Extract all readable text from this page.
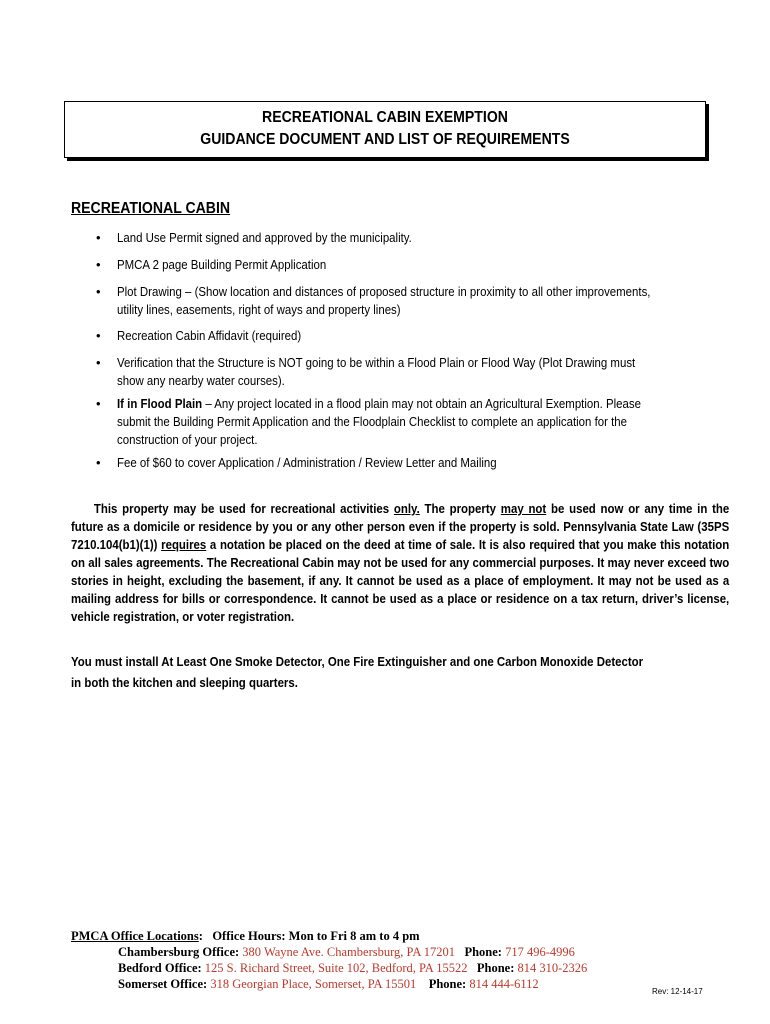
RECREATIONAL CABIN EXEMPTION
GUIDANCE DOCUMENT AND LIST OF REQUIREMENTS
RECREATIONAL CABIN
•	Land Use Permit signed and approved by the municipality.
•	PMCA 2 page Building Permit Application
•	Plot Drawing – (Show location and distances of proposed structure in proximity to all other improvements,
utility lines, easements, right of ways and property lines)
•	Recreation Cabin Affidavit (required)
•	Verification that the Structure is NOT going to be within a Flood Plain or Flood Way (Plot Drawing must
show any nearby water courses).
•	If in Flood Plain – Any project located in a flood plain may not obtain an Agricultural Exemption. Please
submit the Building Permit Application and the Floodplain Checklist to complete an application for the
construction of your project.
•	Fee of $60 to cover Application / Administration / Review Letter and Mailing
This property may be used for recreational activities only. The property may not be used now or any time in the future as a domicile or residence by you or any other person even if the property is sold. Pennsylvania State Law (35PS 7210.104(b1)(1)) requires a notation be placed on the deed at time of sale. It is also required that you make this notation on all sales agreements. The Recreational Cabin may not be used for any commercial purposes. It may never exceed two stories in height, excluding the basement, if any. It cannot be used as a place of employment. It may not be used as a mailing address for bills or correspondence. It cannot be used as a place or residence on a tax return, driver’s license, vehicle registration, or voter registration.
You must install At Least One Smoke Detector, One Fire Extinguisher and one Carbon Monoxide Detector
in both the kitchen and sleeping quarters.
PMCA Office Locations: Office Hours: Mon to Fri 8 am to 4 pm
Chambersburg Office: 380 Wayne Ave. Chambersburg, PA 17201 Phone: 717 496-4996
Bedford Office: 125 S. Richard Street, Suite 102, Bedford, PA 15522 Phone: 814 310-2326
Somerset Office: 318 Georgian Place, Somerset, PA 15501 Phone: 814 444-6112
Rev: 12-14-17
